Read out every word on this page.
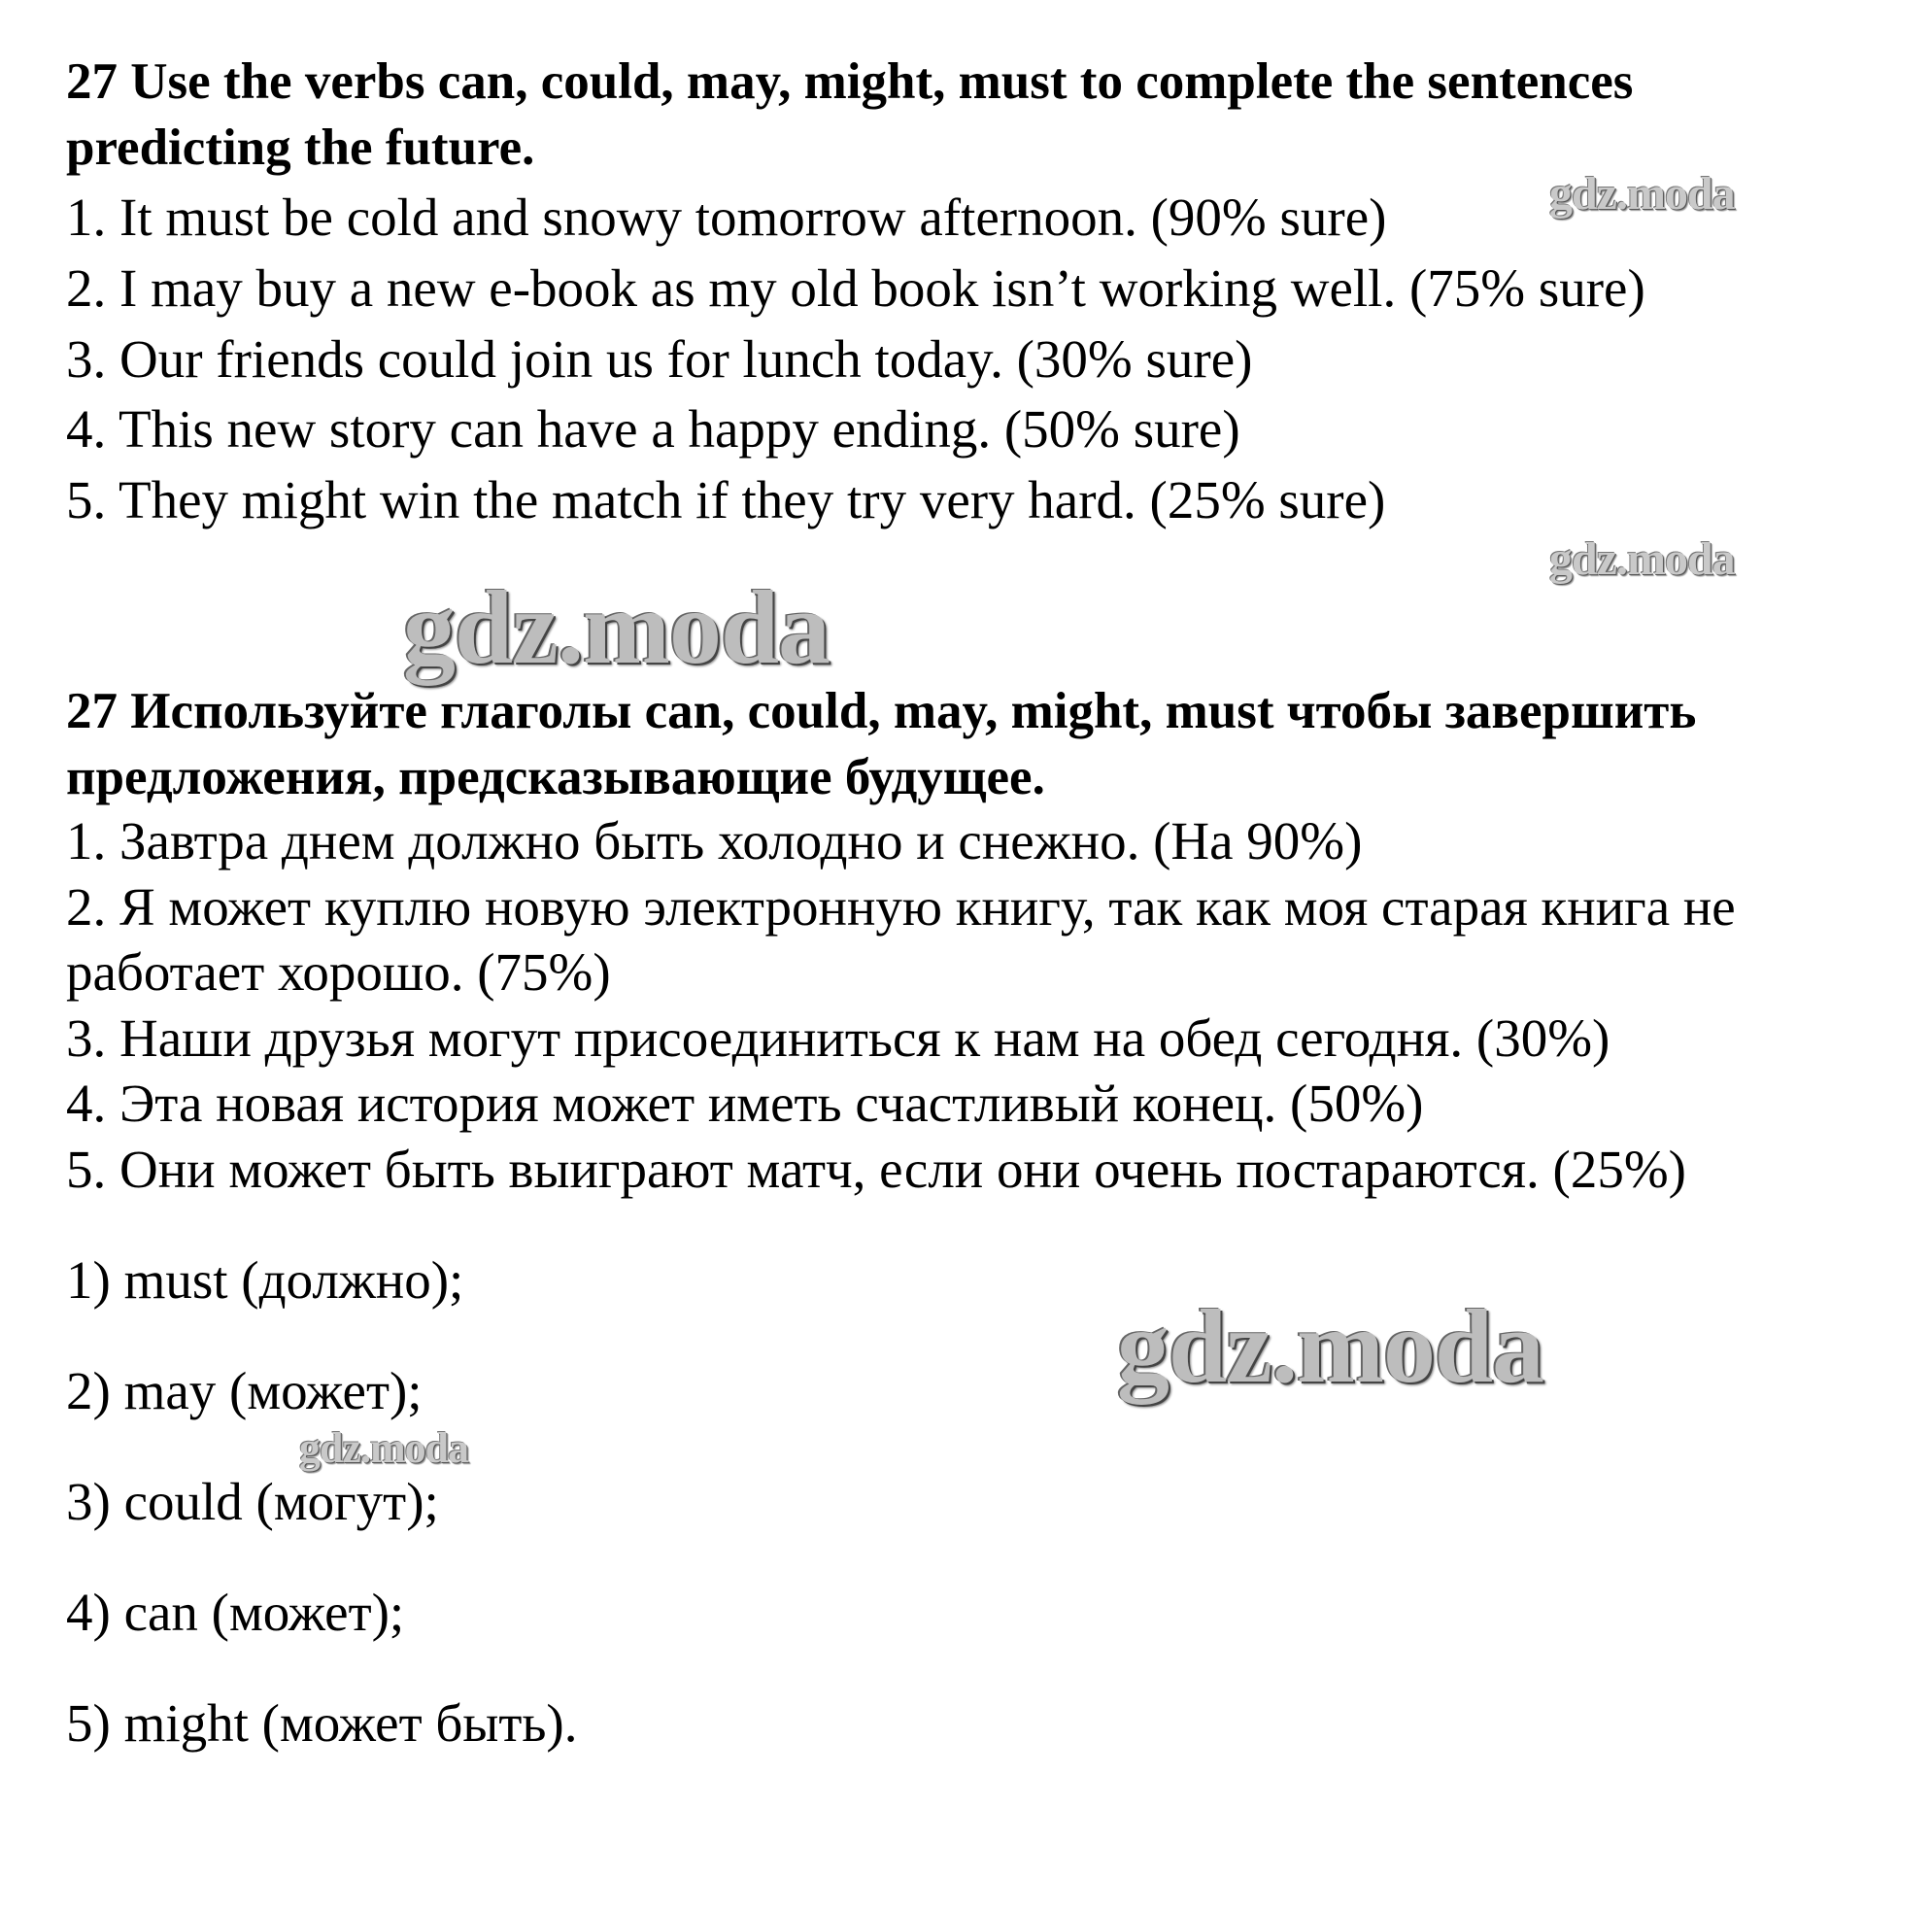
27 Use the verbs can, could, may, might, must to complete the sentences

predicting the future.

1. It must be cold and snowy tomorrow afternoon. (90% sure)

2. I may buy a new e-book as my old book isn’t working well. (75% sure)

3. Our friends could join us for lunch today. (30% sure)

4. This new story can have a happy ending. (50% sure)

5. They might win the match if they try very hard. (25% sure)

27 Используйте глаголы can, could, may, might, must чтобы завершить

предложения, предсказывающие будущее.

1. Завтра днем должно быть холодно и снежно. (На 90%)

2. Я может куплю новую электронную книгу, так как моя старая книга не

работает хорошо. (75%)

3. Наши друзья могут присоединиться к нам на обед сегодня. (30%)

4. Эта новая история может иметь счастливый конец. (50%)

5. Они может быть выиграют матч, если они очень постараются. (25%)

1) must (должно);

2) may (может);

3) could (могут);

4) can (может);

5) might (может быть).

gdz.moda
gdz.moda
gdz.moda
gdz.moda
gdz.moda
